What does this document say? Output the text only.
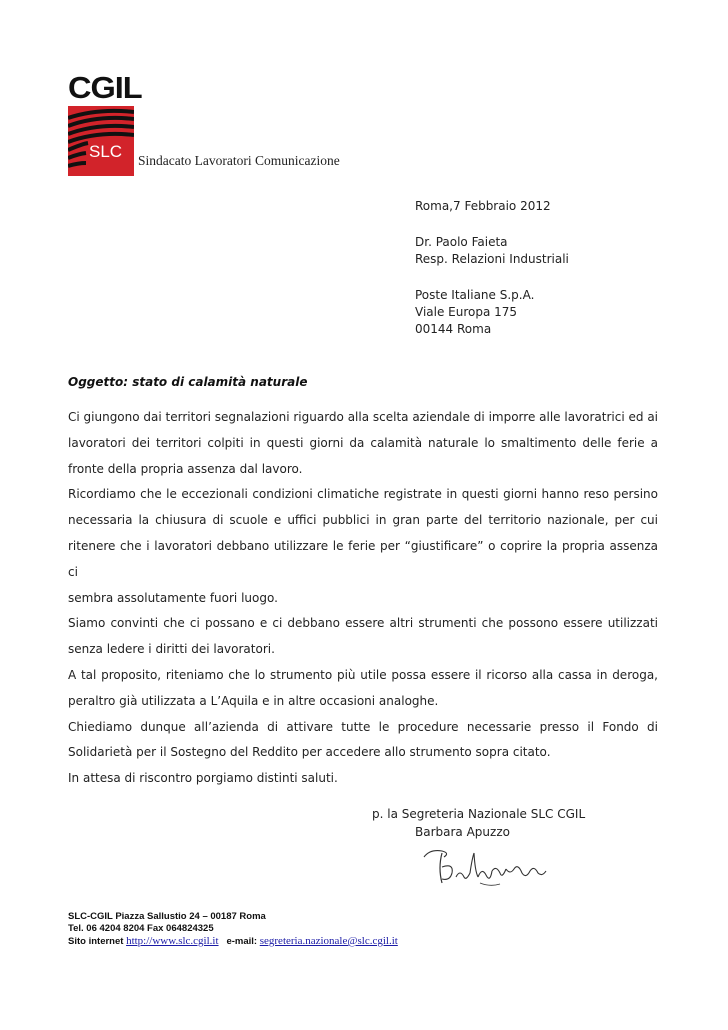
CGIL
SLC Sindacato Lavoratori Comunicazione
Roma,7 Febbraio 2012
Dr. Paolo Faieta
Resp. Relazioni Industriali
Poste Italiane S.p.A.
Viale Europa 175
00144 Roma
Oggetto: stato di calamità naturale

Ci giungono dai territori segnalazioni riguardo alla scelta aziendale di imporre alle lavoratrici ed ai

lavoratori dei territori colpiti in questi giorni da calamità naturale lo smaltimento delle ferie a

fronte della propria assenza dal lavoro.

Ricordiamo che le eccezionali condizioni climatiche registrate in questi giorni hanno reso persino

necessaria la chiusura di scuole e uffici pubblici in gran parte del territorio nazionale, per cui

ritenere che i lavoratori debbano utilizzare le ferie per “giustificare” o coprire la propria assenza ci

sembra assolutamente fuori luogo.

Siamo convinti che ci possano e ci debbano essere altri strumenti che possono essere utilizzati

senza ledere i diritti dei lavoratori.

A tal proposito, riteniamo che lo strumento più utile possa essere il ricorso alla cassa in deroga,

peraltro già utilizzata a L’Aquila e in altre occasioni analoghe.

Chiediamo dunque all’azienda di attivare tutte le procedure necessarie presso il Fondo di

Solidarietà per il Sostegno del Reddito per accedere allo strumento sopra citato.

In attesa di riscontro porgiamo distinti saluti.

p. la Segreteria Nazionale SLC CGIL
Barbara Apuzzo
SLC-CGIL Piazza Sallustio 24 – 00187 Roma
Tel. 06 4204 8204 Fax 064824325
Sito internet http://www.slc.cgil.it e-mail: segreteria.nazionale@slc.cgil.it
